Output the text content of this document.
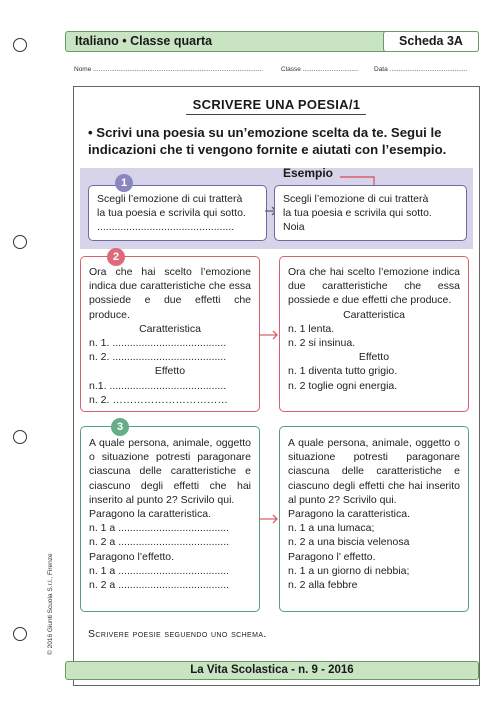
Italiano • Classe quarta	Scheda 3A
Nome ..............................................................................................	Classe ............................... Data ...........................................
SCRIVERE UNA POESIA/1
• Scrivi una poesia su un’emozione scelta da te. Segui le indicazioni che ti vengono fornite e aiutati con l’esempio.
Esempio
Scegli l’emozione di cui tratterà
la tua poesia e scrivila qui sotto.
...............................................
1
Scegli l’emozione di cui tratterà
la tua poesia e scrivila qui sotto.
Noia
Ora che hai scelto l’emozione indica due caratteristiche che essa possiede e due effetti che produce.
Caratteristica
n. 1. .......................................
n. 2. .......................................
Effetto
n.1. ........................................
n. 2. ……………………………
2
Ora che hai scelto l’emozione indica due caratteristiche che essa possiede e due effetti che produce.
Caratteristica
n. 1 lenta.
n. 2 si insinua.
Effetto
n. 1 diventa tutto grigio.
n. 2 toglie ogni energia.
A quale persona, animale, oggetto o situazione potresti paragonare ciascuna delle caratteristiche e ciascuno degli effetti che hai inserito al punto 2? Scrivilo qui.
Paragono la caratteristica.
n. 1 a ......................................
n. 2 a ......................................
Paragono l’effetto.
n. 1 a ......................................
n. 2 a ......................................
3
A quale persona, animale, oggetto o situazione potresti paragonare ciascuna delle caratteristiche e ciascuno degli effetti che hai inserito al punto 2? Scrivilo qui.
Paragono la caratteristica.
n. 1 a una lumaca;
n. 2 a una biscia velenosa
Paragono l’ effetto.
n. 1 a un giorno di nebbia;
n. 2 alla febbre
Scrivere poesie seguendo uno schema.
La Vita Scolastica - n. 9 - 2016
© 2016 Giunti Scuola S.r.l., Firenze
